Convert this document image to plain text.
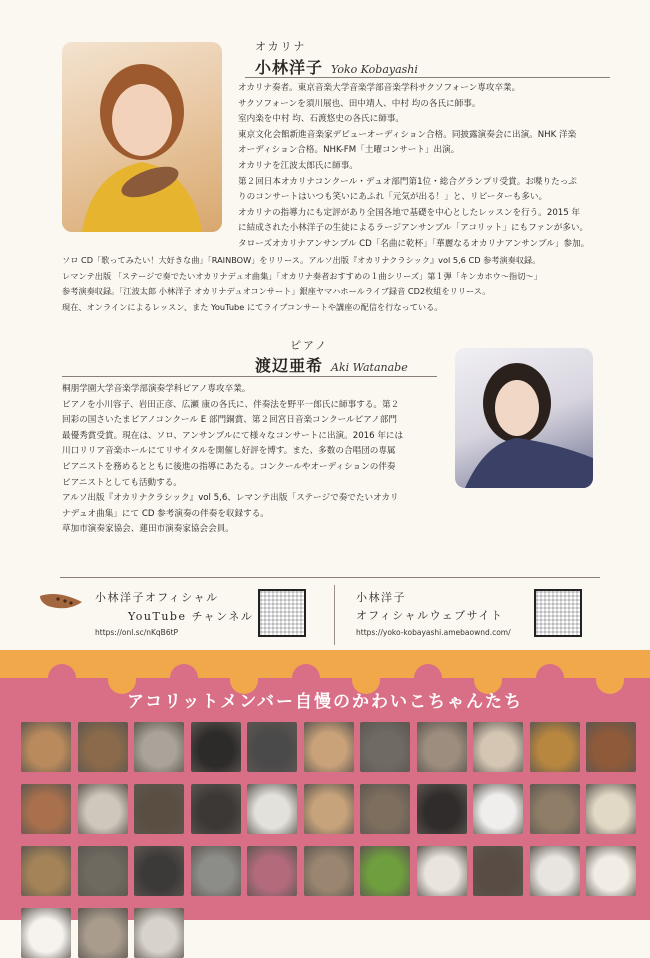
オカリナ
小林洋子 Yoko Kobayashi

オカリナ奏者。東京音楽大学音楽学部音楽学科サクソフォーン専攻卒業。

サクソフォーンを須川展也、田中靖人、中村 均の各氏に師事。

室内楽を中村 均、石渡悠史の各氏に師事。

東京文化会館新進音楽家デビューオーディション合格。同披露演奏会に出演。NHK 洋楽

オーディション合格。NHK-FM「土曜コンサート」出演。

オカリナを江波太郎氏に師事。

第２回日本オカリナコンクール・デュオ部門第1位・総合グランプリ受賞。お喋りたっぷ

りのコンサートはいつも笑いにあふれ「元気が出る！」と、リピーターも多い。

オカリナの指導力にも定評があり全国各地で基礎を中心としたレッスンを行う。2015 年

に結成された小林洋子の生徒によるラージアンサンブル「アコリット」にもファンが多い。

タローズオカリナアンサンブル CD「名曲に乾杯」「華麗なるオカリナアンサンブル」参加。

ソロ CD「歌ってみたい！大好きな曲」「RAINBOW」をリリース。アルソ出版『オカリナクラシック』vol 5,6 CD 参考演奏収録。

レマンテ出版 「ステージで奏でたいオカリナデュオ曲集」「オカリナ奏者おすすめの１曲シリーズ」第１弾「キンカホウ〜指切〜」

参考演奏収録。「江波太郎 小林洋子 オカリナデュオコンサート」銀座ヤマハホールライブ録音 CD2枚組をリリース。

現在、オンラインによるレッスン、また YouTube にてライブコンサートや講座の配信を行なっている。

ピアノ
渡辺亜希 Aki Watanabe

桐朋学園大学音楽学部演奏学科ピアノ専攻卒業。

ピアノを小川容子、岩田正彦、広瀬 康の各氏に、伴奏法を野平一郎氏に師事する。第２

回彩の国さいたまピアノコンクール E 部門銅賞、第２回宮日音楽コンクールピアノ部門

最優秀賞受賞。現在は、ソロ、アンサンブルにて様々なコンサートに出演。2016 年には

川口リリア音楽ホールにてリサイタルを開催し好評を博す。また、多数の合唱団の専属

ピアニストを務めるとともに後進の指導にあたる。コンクールやオーディションの伴奏

ピアニストとしても活動する。

アルソ出版『オカリナクラシック』vol 5,6、レマンテ出版「ステージで奏でたいオカリ

ナデュオ曲集」にて CD 参考演奏の伴奏を収録する。

草加市演奏家協会、蓮田市演奏家協会会員。

小林洋子オフィシャル
YouTube チャンネル
https://onl.sc/nKqB6tP
小林洋子
オフィシャルウェブサイト
https://yoko-kobayashi.amebaownd.com/
アコリットメンバー自慢のかわいこちゃんたち
